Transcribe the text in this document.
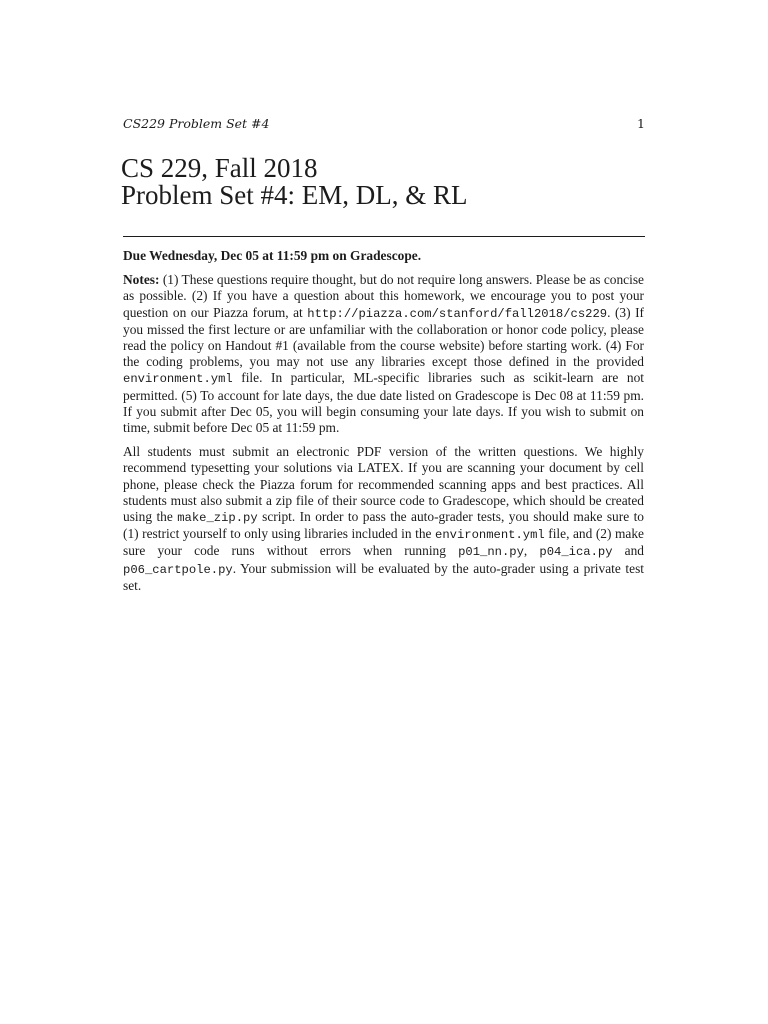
CS229 Problem Set #4	1
CS 229, Fall 2018
Problem Set #4: EM, DL, & RL

Due Wednesday, Dec 05 at 11:59 pm on Gradescope.

Notes: (1) These questions require thought, but do not require long answers. Please be as concise as possible. (2) If you have a question about this homework, we encourage you to post your question on our Piazza forum, at http://piazza.com/stanford/fall2018/cs229. (3) If you missed the first lecture or are unfamiliar with the collaboration or honor code policy, please read the policy on Handout #1 (available from the course website) before starting work. (4) For the coding problems, you may not use any libraries except those defined in the provided environment.yml file. In particular, ML-specific libraries such as scikit-learn are not permitted. (5) To account for late days, the due date listed on Gradescope is Dec 08 at 11:59 pm. If you submit after Dec 05, you will begin consuming your late days. If you wish to submit on time, submit before Dec 05 at 11:59 pm.

All students must submit an electronic PDF version of the written questions. We highly recommend typesetting your solutions via LATEX. If you are scanning your document by cell phone, please check the Piazza forum for recommended scanning apps and best practices. All students must also submit a zip file of their source code to Gradescope, which should be created using the make_zip.py script. In order to pass the auto-grader tests, you should make sure to (1) restrict yourself to only using libraries included in the environment.yml file, and (2) make sure your code runs without errors when running p01_nn.py, p04_ica.py and p06_cartpole.py. Your submission will be evaluated by the auto-grader using a private test set.
